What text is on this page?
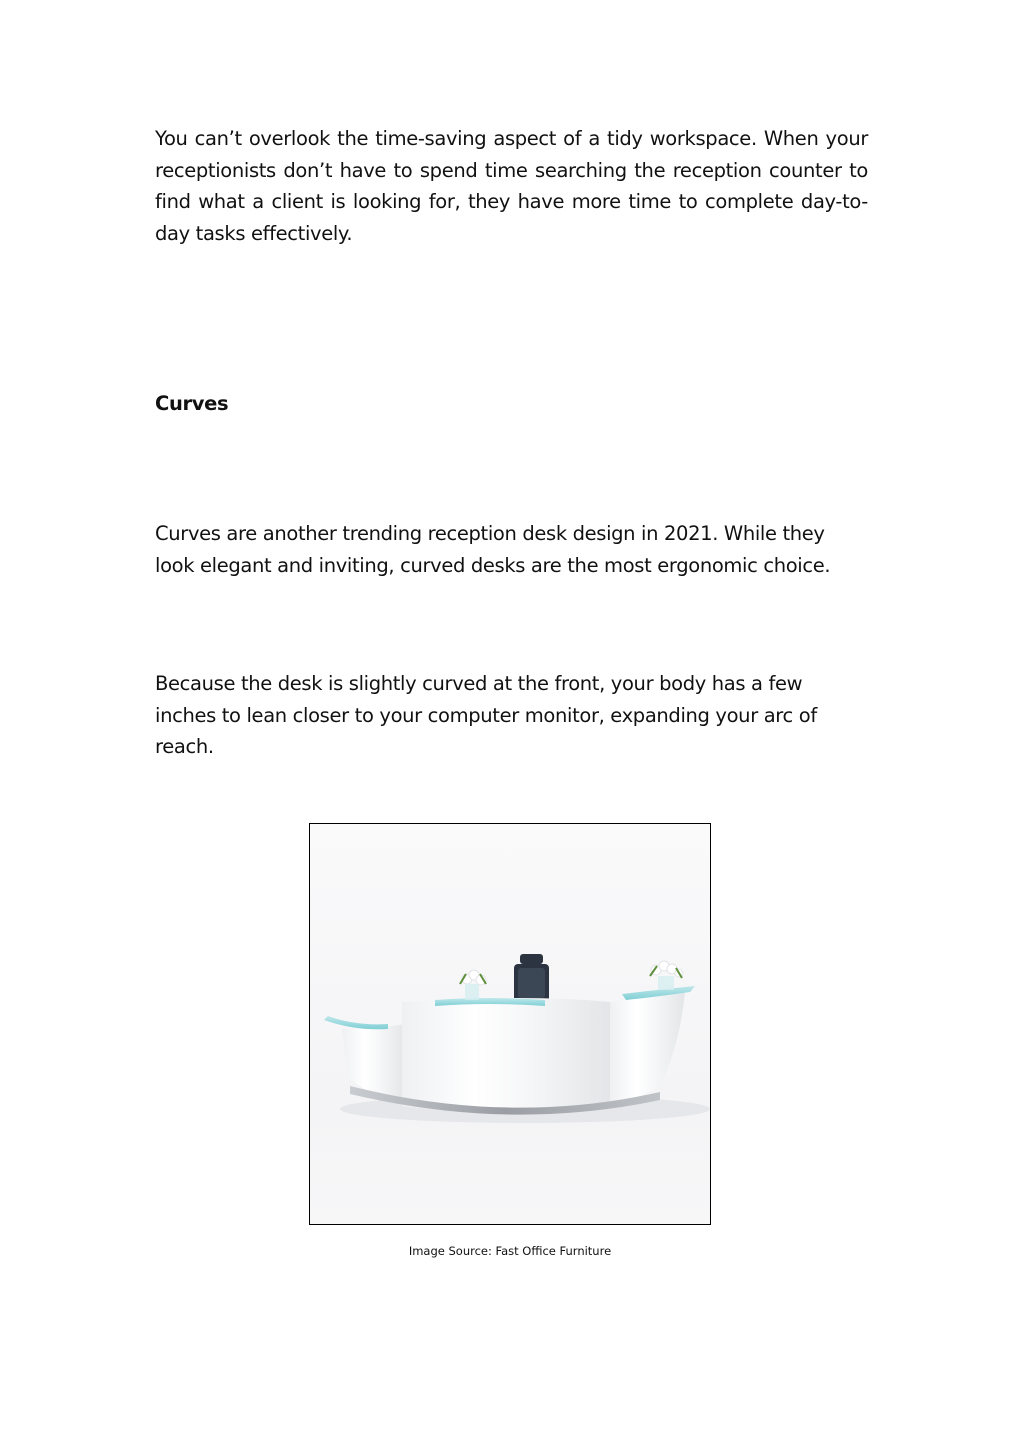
You can’t overlook the time-saving aspect of a tidy workspace. When your receptionists don’t have to spend time searching the reception counter to find what a client is looking for, they have more time to complete day-to-day tasks effectively.

Curves

Curves are another trending reception desk design in 2021. While they look elegant and inviting, curved desks are the most ergonomic choice.

Because the desk is slightly curved at the front, your body has a few inches to lean closer to your computer monitor, expanding your arc of reach.

Image Source: Fast Office Furniture
